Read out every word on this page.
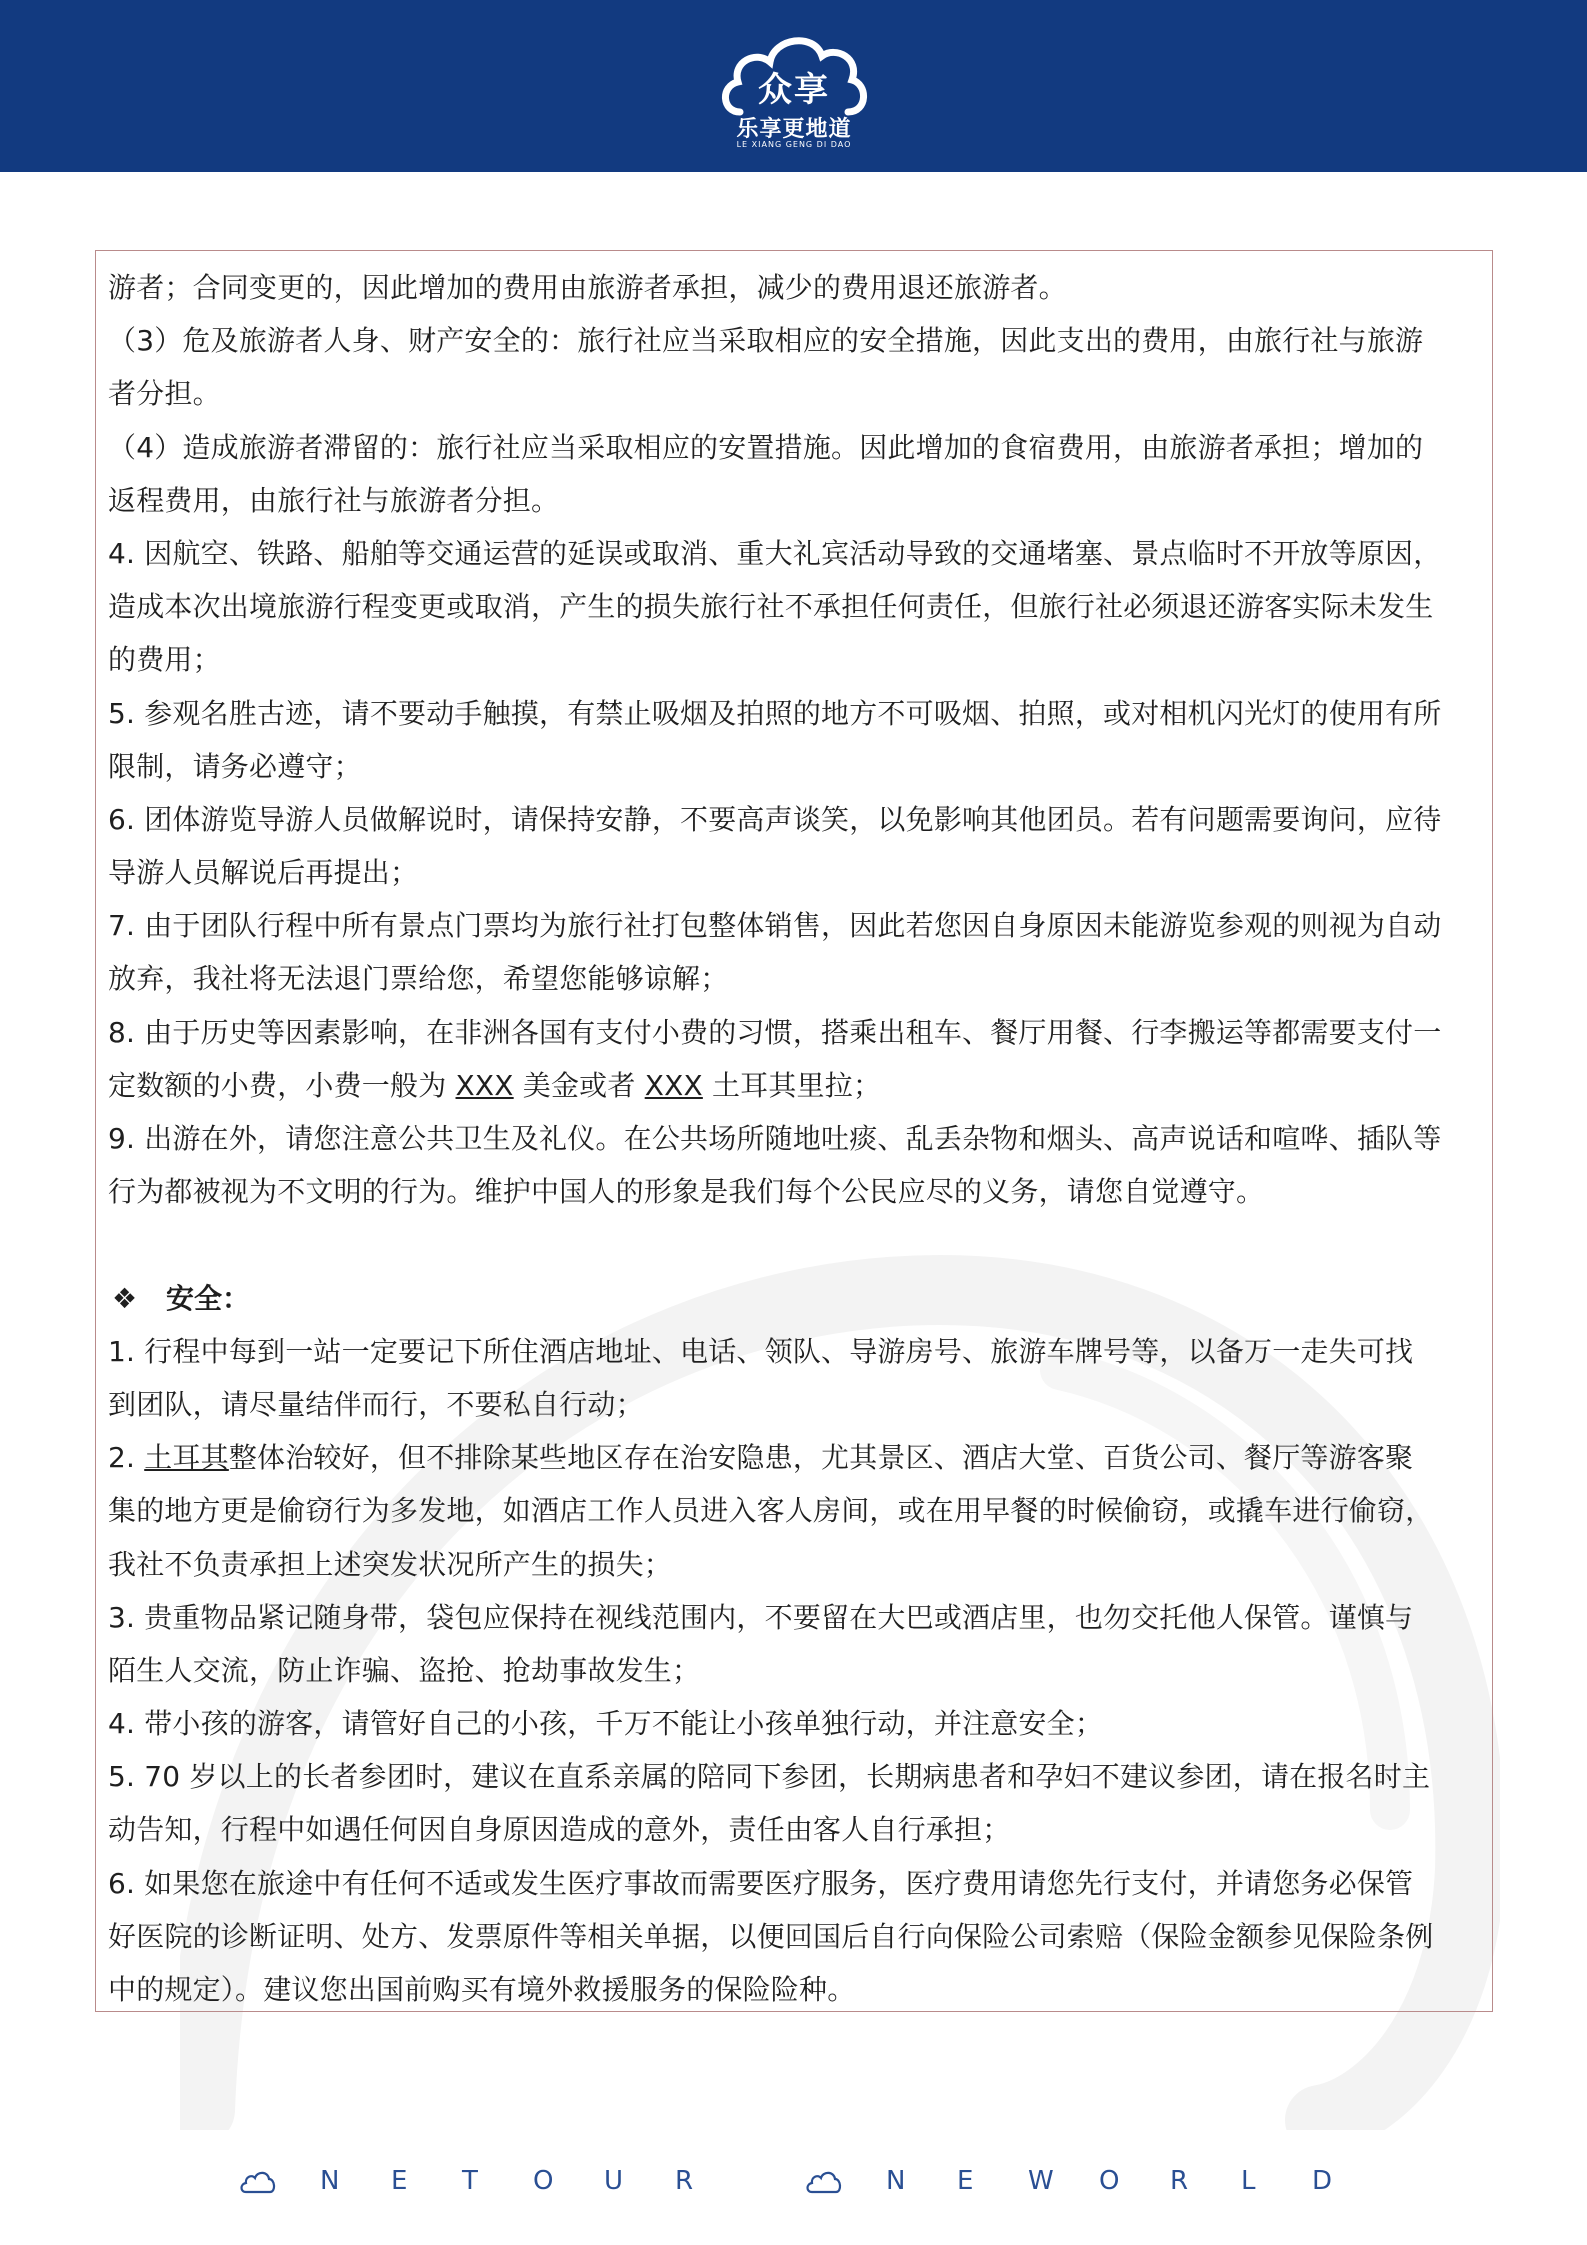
众享
乐享更地道
LE XIANG GENG DI DAO
游者；合同变更的，因此增加的费用由旅游者承担，减少的费用退还旅游者。
（3）危及旅游者人身、财产安全的：旅行社应当采取相应的安全措施，因此支出的费用，由旅行社与旅游
者分担。
（4）造成旅游者滞留的：旅行社应当采取相应的安置措施。因此增加的食宿费用，由旅游者承担；增加的
返程费用，由旅行社与旅游者分担。
4. 因航空、铁路、船舶等交通运营的延误或取消、重大礼宾活动导致的交通堵塞、景点临时不开放等原因，
造成本次出境旅游行程变更或取消，产生的损失旅行社不承担任何责任，但旅行社必须退还游客实际未发生
的费用；
5. 参观名胜古迹，请不要动手触摸，有禁止吸烟及拍照的地方不可吸烟、拍照，或对相机闪光灯的使用有所
限制，请务必遵守；
6. 团体游览导游人员做解说时，请保持安静，不要高声谈笑，以免影响其他团员。若有问题需要询问，应待
导游人员解说后再提出；
7. 由于团队行程中所有景点门票均为旅行社打包整体销售，因此若您因自身原因未能游览参观的则视为自动
放弃，我社将无法退门票给您，希望您能够谅解；
8. 由于历史等因素影响，在非洲各国有支付小费的习惯，搭乘出租车、餐厅用餐、行李搬运等都需要支付一
定数额的小费，小费一般为 XXX 美金或者 XXX 土耳其里拉；
9. 出游在外，请您注意公共卫生及礼仪。在公共场所随地吐痰、乱丢杂物和烟头、高声说话和喧哗、插队等
行为都被视为不文明的行为。维护中国人的形象是我们每个公民应尽的义务，请您自觉遵守。
❖ 安全：
1. 行程中每到一站一定要记下所住酒店地址、电话、领队、导游房号、旅游车牌号等，以备万一走失可找
到团队，请尽量结伴而行，不要私自行动；
2. 土耳其整体治较好，但不排除某些地区存在治安隐患，尤其景区、酒店大堂、百货公司、餐厅等游客聚
集的地方更是偷窃行为多发地，如酒店工作人员进入客人房间，或在用早餐的时候偷窃，或撬车进行偷窃，
我社不负责承担上述突发状况所产生的损失；
3. 贵重物品紧记随身带，袋包应保持在视线范围内，不要留在大巴或酒店里，也勿交托他人保管。谨慎与
陌生人交流，防止诈骗、盗抢、抢劫事故发生；
4. 带小孩的游客，请管好自己的小孩，千万不能让小孩单独行动，并注意安全；
5. 70 岁以上的长者参团时，建议在直系亲属的陪同下参团，长期病患者和孕妇不建议参团，请在报名时主
动告知，行程中如遇任何因自身原因造成的意外，责任由客人自行承担；
6. 如果您在旅途中有任何不适或发生医疗事故而需要医疗服务，医疗费用请您先行支付，并请您务必保管
好医院的诊断证明、处方、发票原件等相关单据，以便回国后自行向保险公司索赔（保险金额参见保险条例
中的规定）。建议您出国前购买有境外救援服务的保险险种。
N E T O U R	N E W O R L D
